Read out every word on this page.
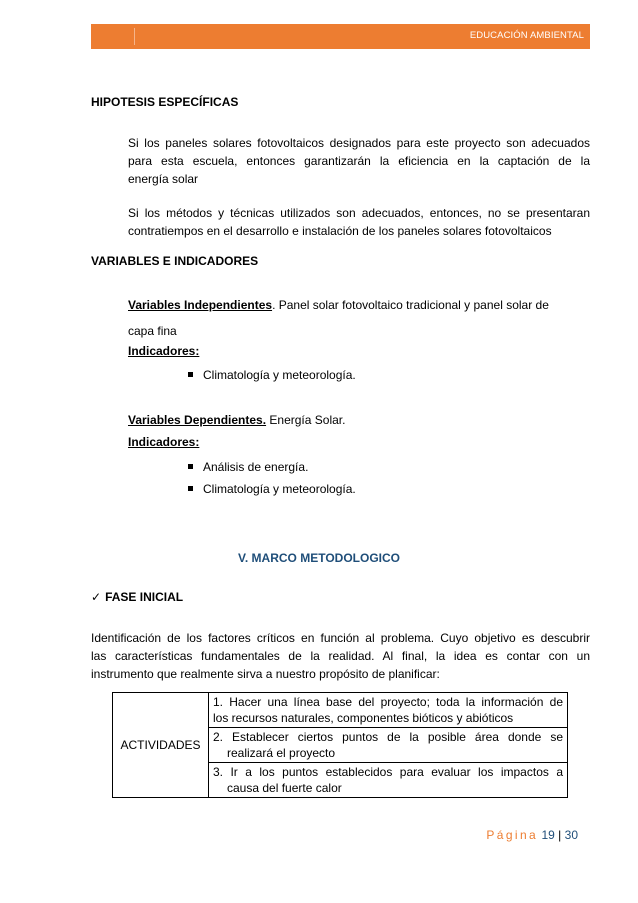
EDUCACIÓN AMBIENTAL
HIPOTESIS ESPECÍFICAS
Si los paneles solares fotovoltaicos designados para este proyecto son adecuados
para esta escuela, entonces garantizarán la eficiencia en la captación de la
energía solar
Si los métodos y técnicas utilizados son adecuados, entonces, no se presentaran
contratiempos en el desarrollo e instalación de los paneles solares fotovoltaicos
VARIABLES E INDICADORES
Variables Independientes. Panel solar fotovoltaico tradicional y panel solar de
capa fina
Indicadores:
Climatología y meteorología.
Variables Dependientes. Energía Solar.
Indicadores:
Análisis de energía.
Climatología y meteorología.
V. MARCO METODOLOGICO
✓ FASE INICIAL
Identificación de los factores críticos en función al problema. Cuyo objetivo es descubrir
las características fundamentales de la realidad. Al final, la idea es contar con un
instrumento que realmente sirva a nuestro propósito de planificar:
ACTIVIDADES	
1. Hacer una línea base del proyecto; toda la información de
los recursos naturales, componentes bióticos y abióticos

2. Establecer ciertos puntos de la posible área donde se
realizará el proyecto

3. Ir a los puntos establecidos para evaluar los impactos a
causa del fuerte calor
Página 19 | 30
